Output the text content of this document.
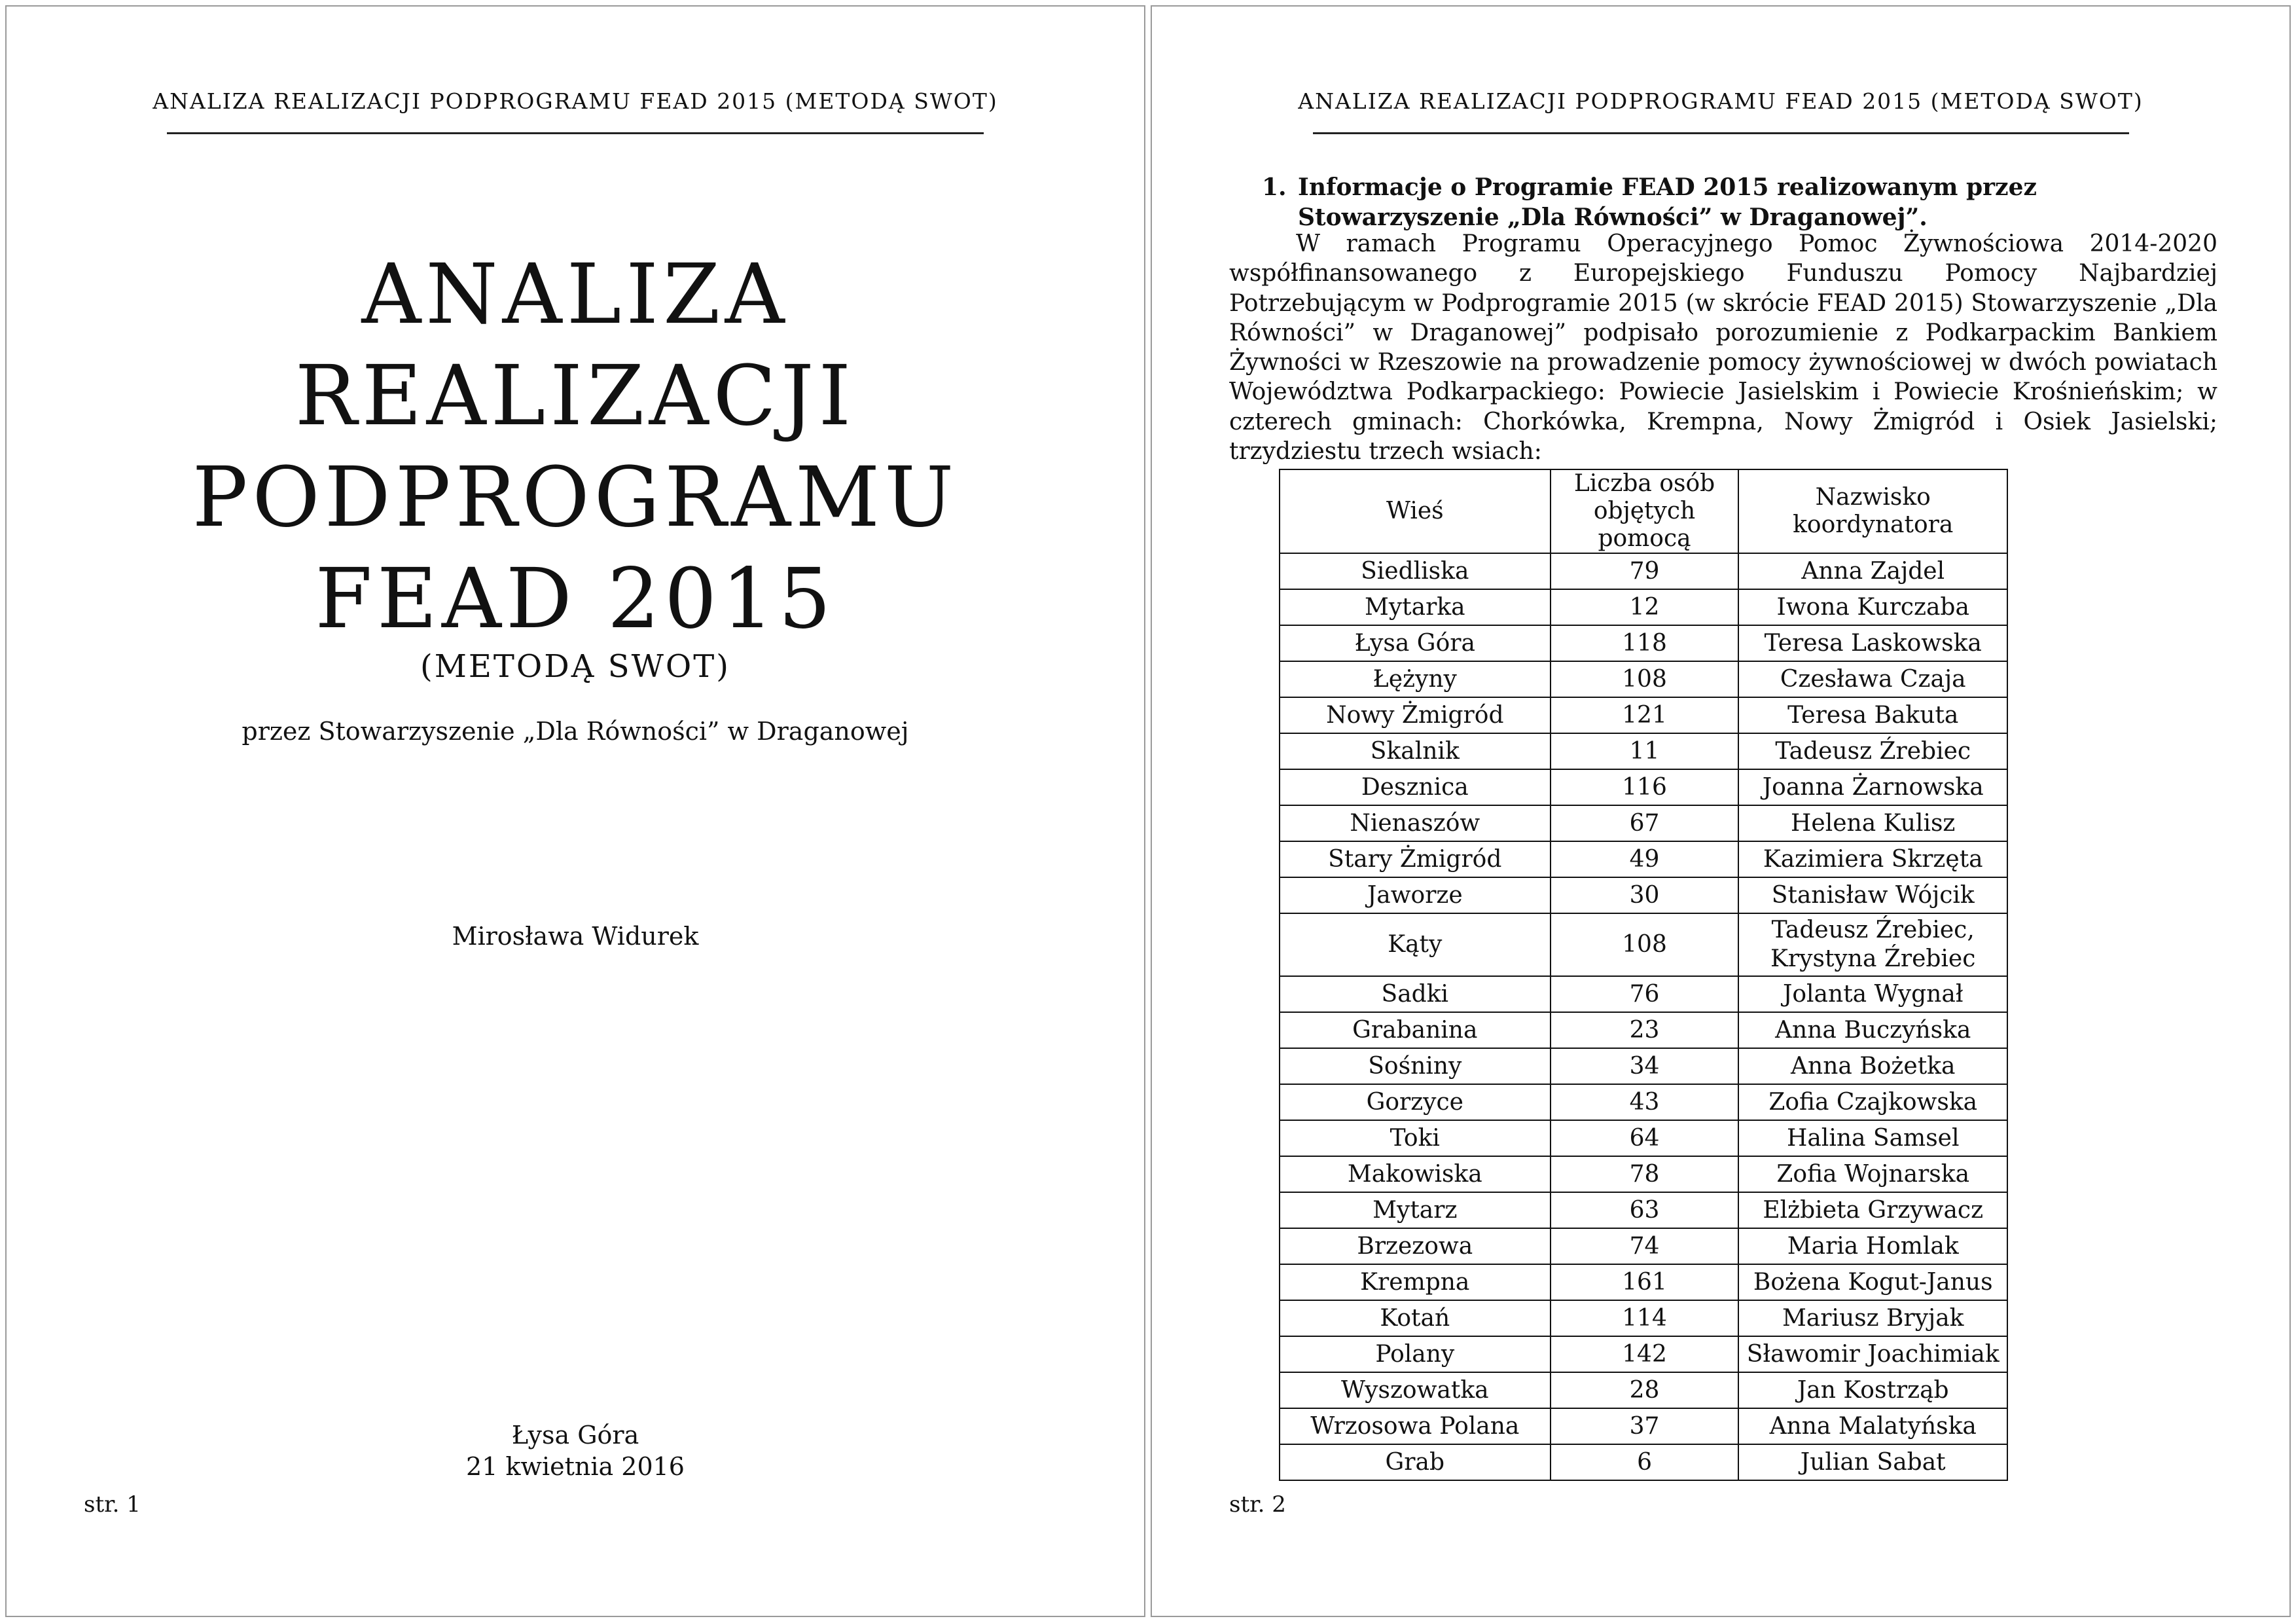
ANALIZA REALIZACJI PODPROGRAMU FEAD 2015 (METODĄ SWOT)
ANALIZA
REALIZACJI
PODPROGRAMU
FEAD 2015
(METODĄ SWOT)
przez Stowarzyszenie „Dla Równości” w Draganowej
Mirosława Widurek
Łysa Góra
21 kwietnia 2016
str. 1
ANALIZA REALIZACJI PODPROGRAMU FEAD 2015 (METODĄ SWOT)
1. Informacje o Programie FEAD 2015 realizowanym przez Stowarzyszenie „Dla Równości” w Draganowej”.
W ramach Programu Operacyjnego Pomoc Żywnościowa 2014-2020 współfinansowanego z Europejskiego Funduszu Pomocy Najbardziej Potrzebującym w Podprogramie 2015 (w skrócie FEAD 2015) Stowarzyszenie „Dla Równości” w Draganowej” podpisało porozumienie z Podkarpackim Bankiem Żywności w Rzeszowie na prowadzenie pomocy żywnościowej w dwóch powiatach Województwa Podkarpackiego: Powiecie Jasielskim i Powiecie Krośnieńskim; w czterech gminach: Chorkówka, Krempna, Nowy Żmigród i Osiek Jasielski; trzydziestu trzech wsiach:
Wieś	Liczba osób objętych pomocą	Nazwisko koordynatora
Siedliska	79	Anna Zajdel
Mytarka	12	Iwona Kurczaba
Łysa Góra	118	Teresa Laskowska
Łężyny	108	Czesława Czaja
Nowy Żmigród	121	Teresa Bakuta
Skalnik	11	Tadeusz Źrebiec
Desznica	116	Joanna Żarnowska
Nienaszów	67	Helena Kulisz
Stary Żmigród	49	Kazimiera Skrzęta
Jaworze	30	Stanisław Wójcik
Kąty	108	Tadeusz Źrebiec, Krystyna Źrebiec
Sadki	76	Jolanta Wygnał
Grabanina	23	Anna Buczyńska
Sośniny	34	Anna Bożetka
Gorzyce	43	Zofia Czajkowska
Toki	64	Halina Samsel
Makowiska	78	Zofia Wojnarska
Mytarz	63	Elżbieta Grzywacz
Brzezowa	74	Maria Homlak
Krempna	161	Bożena Kogut-Janus
Kotań	114	Mariusz Bryjak
Polany	142	Sławomir Joachimiak
Wyszowatka	28	Jan Kostrząb
Wrzosowa Polana	37	Anna Malatyńska
Grab	6	Julian Sabat
str. 2
